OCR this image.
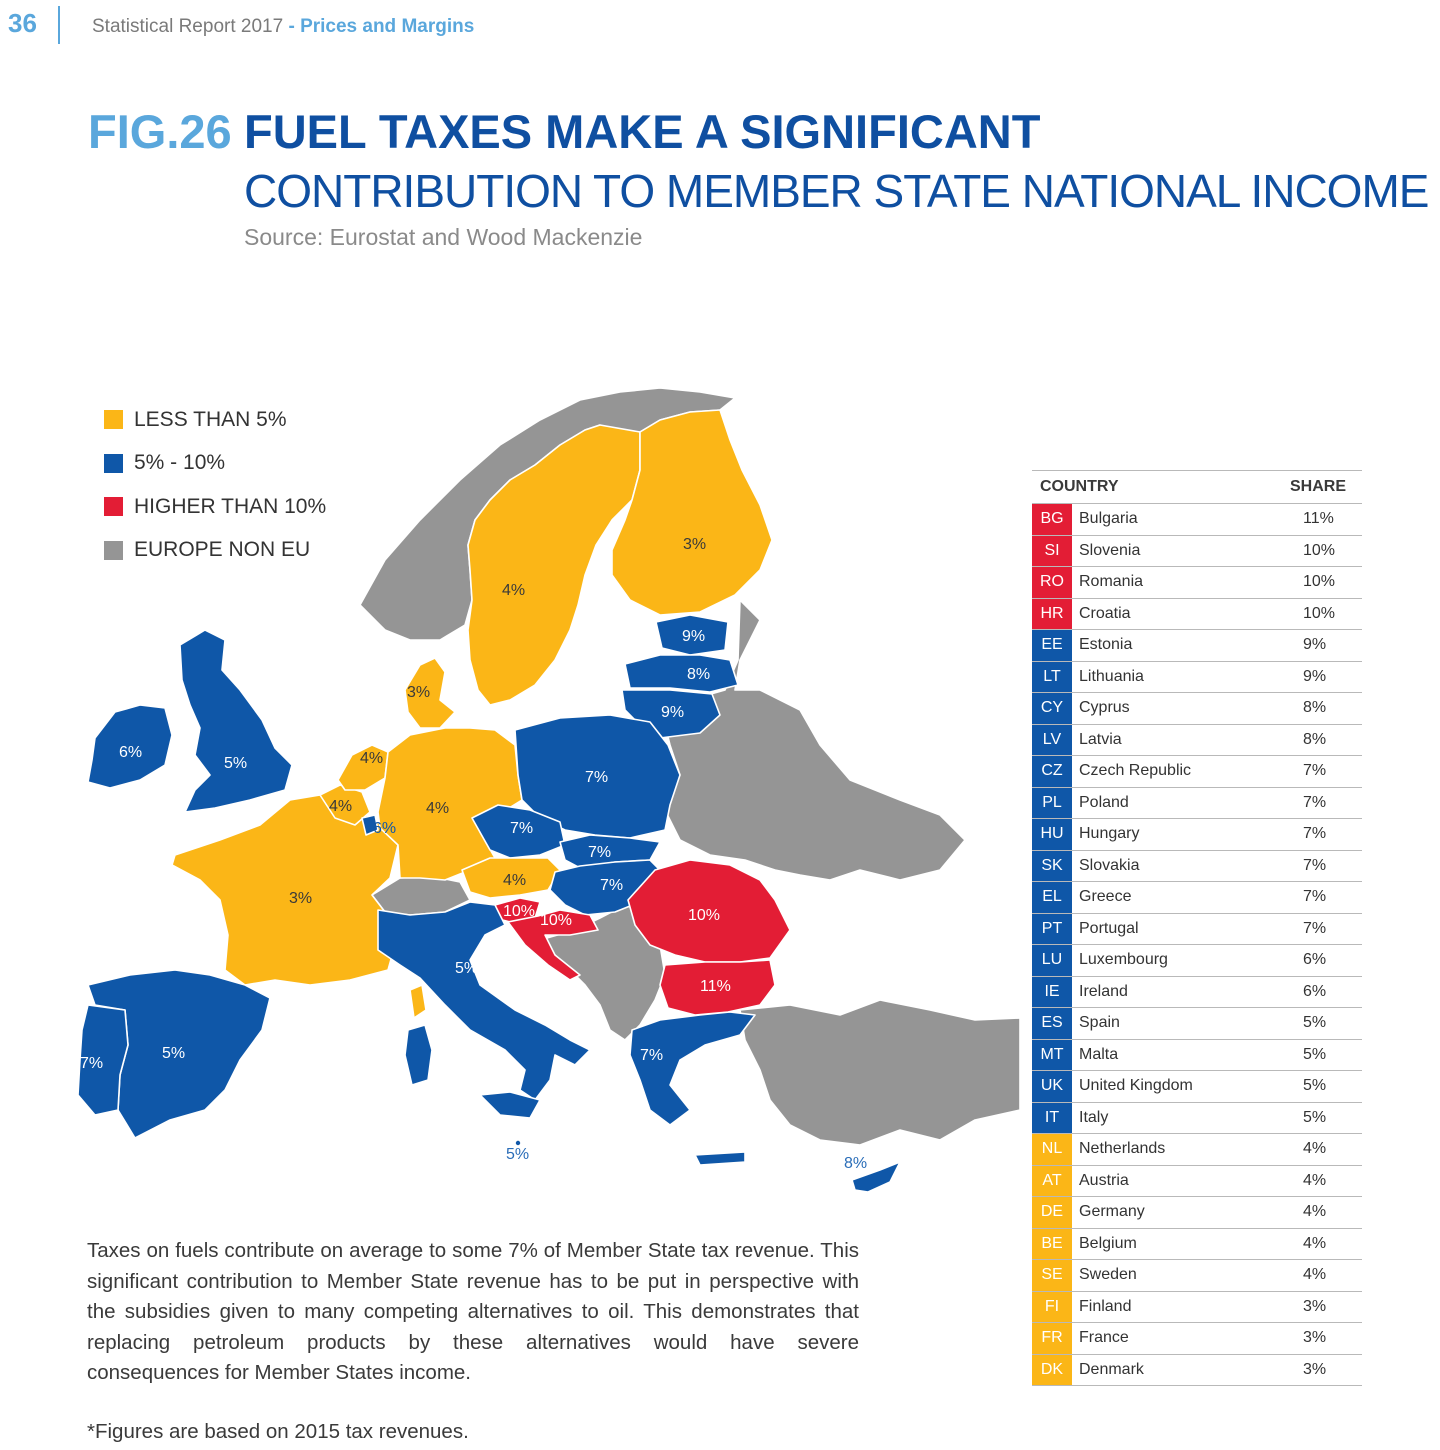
36	Statistical Report 2017 - Prices and Margins
FIG.26 FUEL TAXES MAKE A SIGNIFICANT
CONTRIBUTION TO MEMBER STATE NATIONAL INCOME
Source: Eurostat and Wood Mackenzie
3%
4%
9%
8%
9%
3%
6%
5%	4%
4%
6%
4%
7%
7%
7%
4%	7%
3%
10%
10%	10%
11%
5%
5%
7%	7%
5%
8%
LESS THAN 5%
5% - 10%
HIGHER THAN 10%
EUROPE NON EU
COUNTRY	SHARE
BG Bulgaria	11%
SI	Slovenia	10%
RO Romania	10%
HR Croatia	10%
EE	Estonia	9%
LT	Lithuania	9%
CY Cyprus	8%
LV	Latvia	8%
CZ	Czech Republic	7%
PL	Poland	7%
HU Hungary	7%
SK	Slovakia	7%
EL	Greece	7%
PT	Portugal	7%
LU	Luxembourg	6%
IE	Ireland	6%
ES	Spain	5%
MT Malta	5%
UK United Kingdom	5%
IT	Italy	5%
NL	Netherlands	4%
AT	Austria	4%
DE Germany	4%
BE	Belgium	4%
SE	Sweden	4%
FI	Finland	3%
FR	France	3%
DK Denmark	3%
Taxes on fuels contribute on average to some 7% of Member State tax revenue. This significant contribution to Member State revenue has to be put in perspective with the subsidies given to many competing alternatives to oil. This demonstrates that replacing petroleum products by these alternatives would have severe consequences for Member States income.
*Figures are based on 2015 tax revenues.
